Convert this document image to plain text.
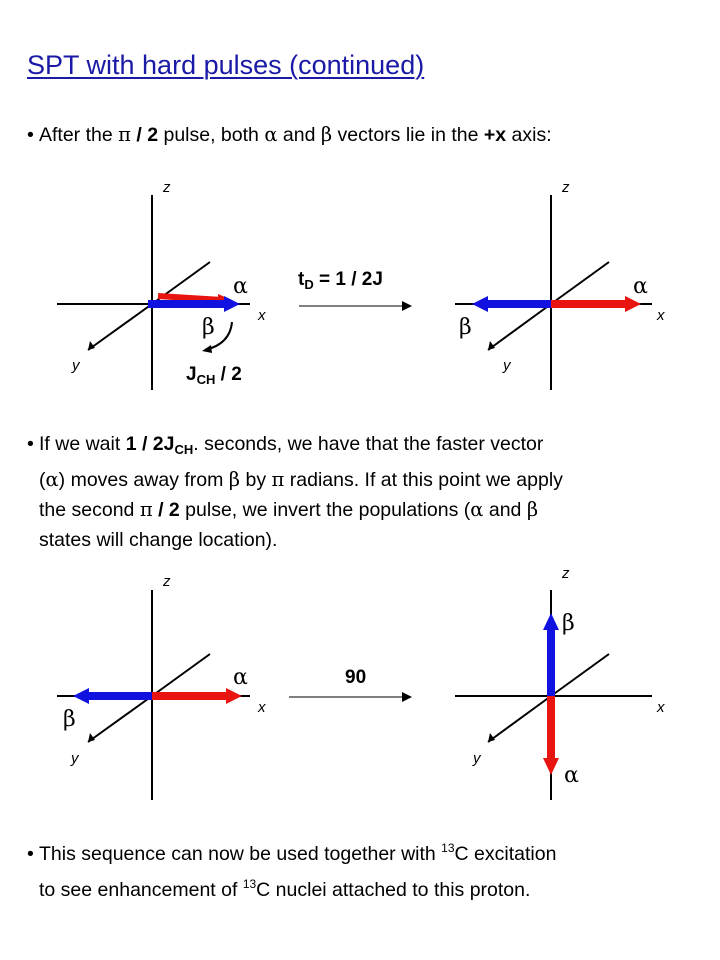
SPT with hard pulses (continued)
• After the π / 2 pulse, both α and β vectors lie in the +x axis:
• If we wait $1 / 2J_{CH}$. seconds, we have that the faster vector
(α) moves away from β by π radians. If at this point we apply
the second π / 2 pulse, we invert the populations (α and β
states will change location).
• This sequence can now be used together with $^{13}$C excitation
to see enhancement of $^{13}$C nuclei attached to this proton.
z
x
y
α
β
$J_{CH} / 2$
$t_D = 1 / 2J$
z
x
y
α
β
z
x
y
α
β
90
z
x
y
β
α
